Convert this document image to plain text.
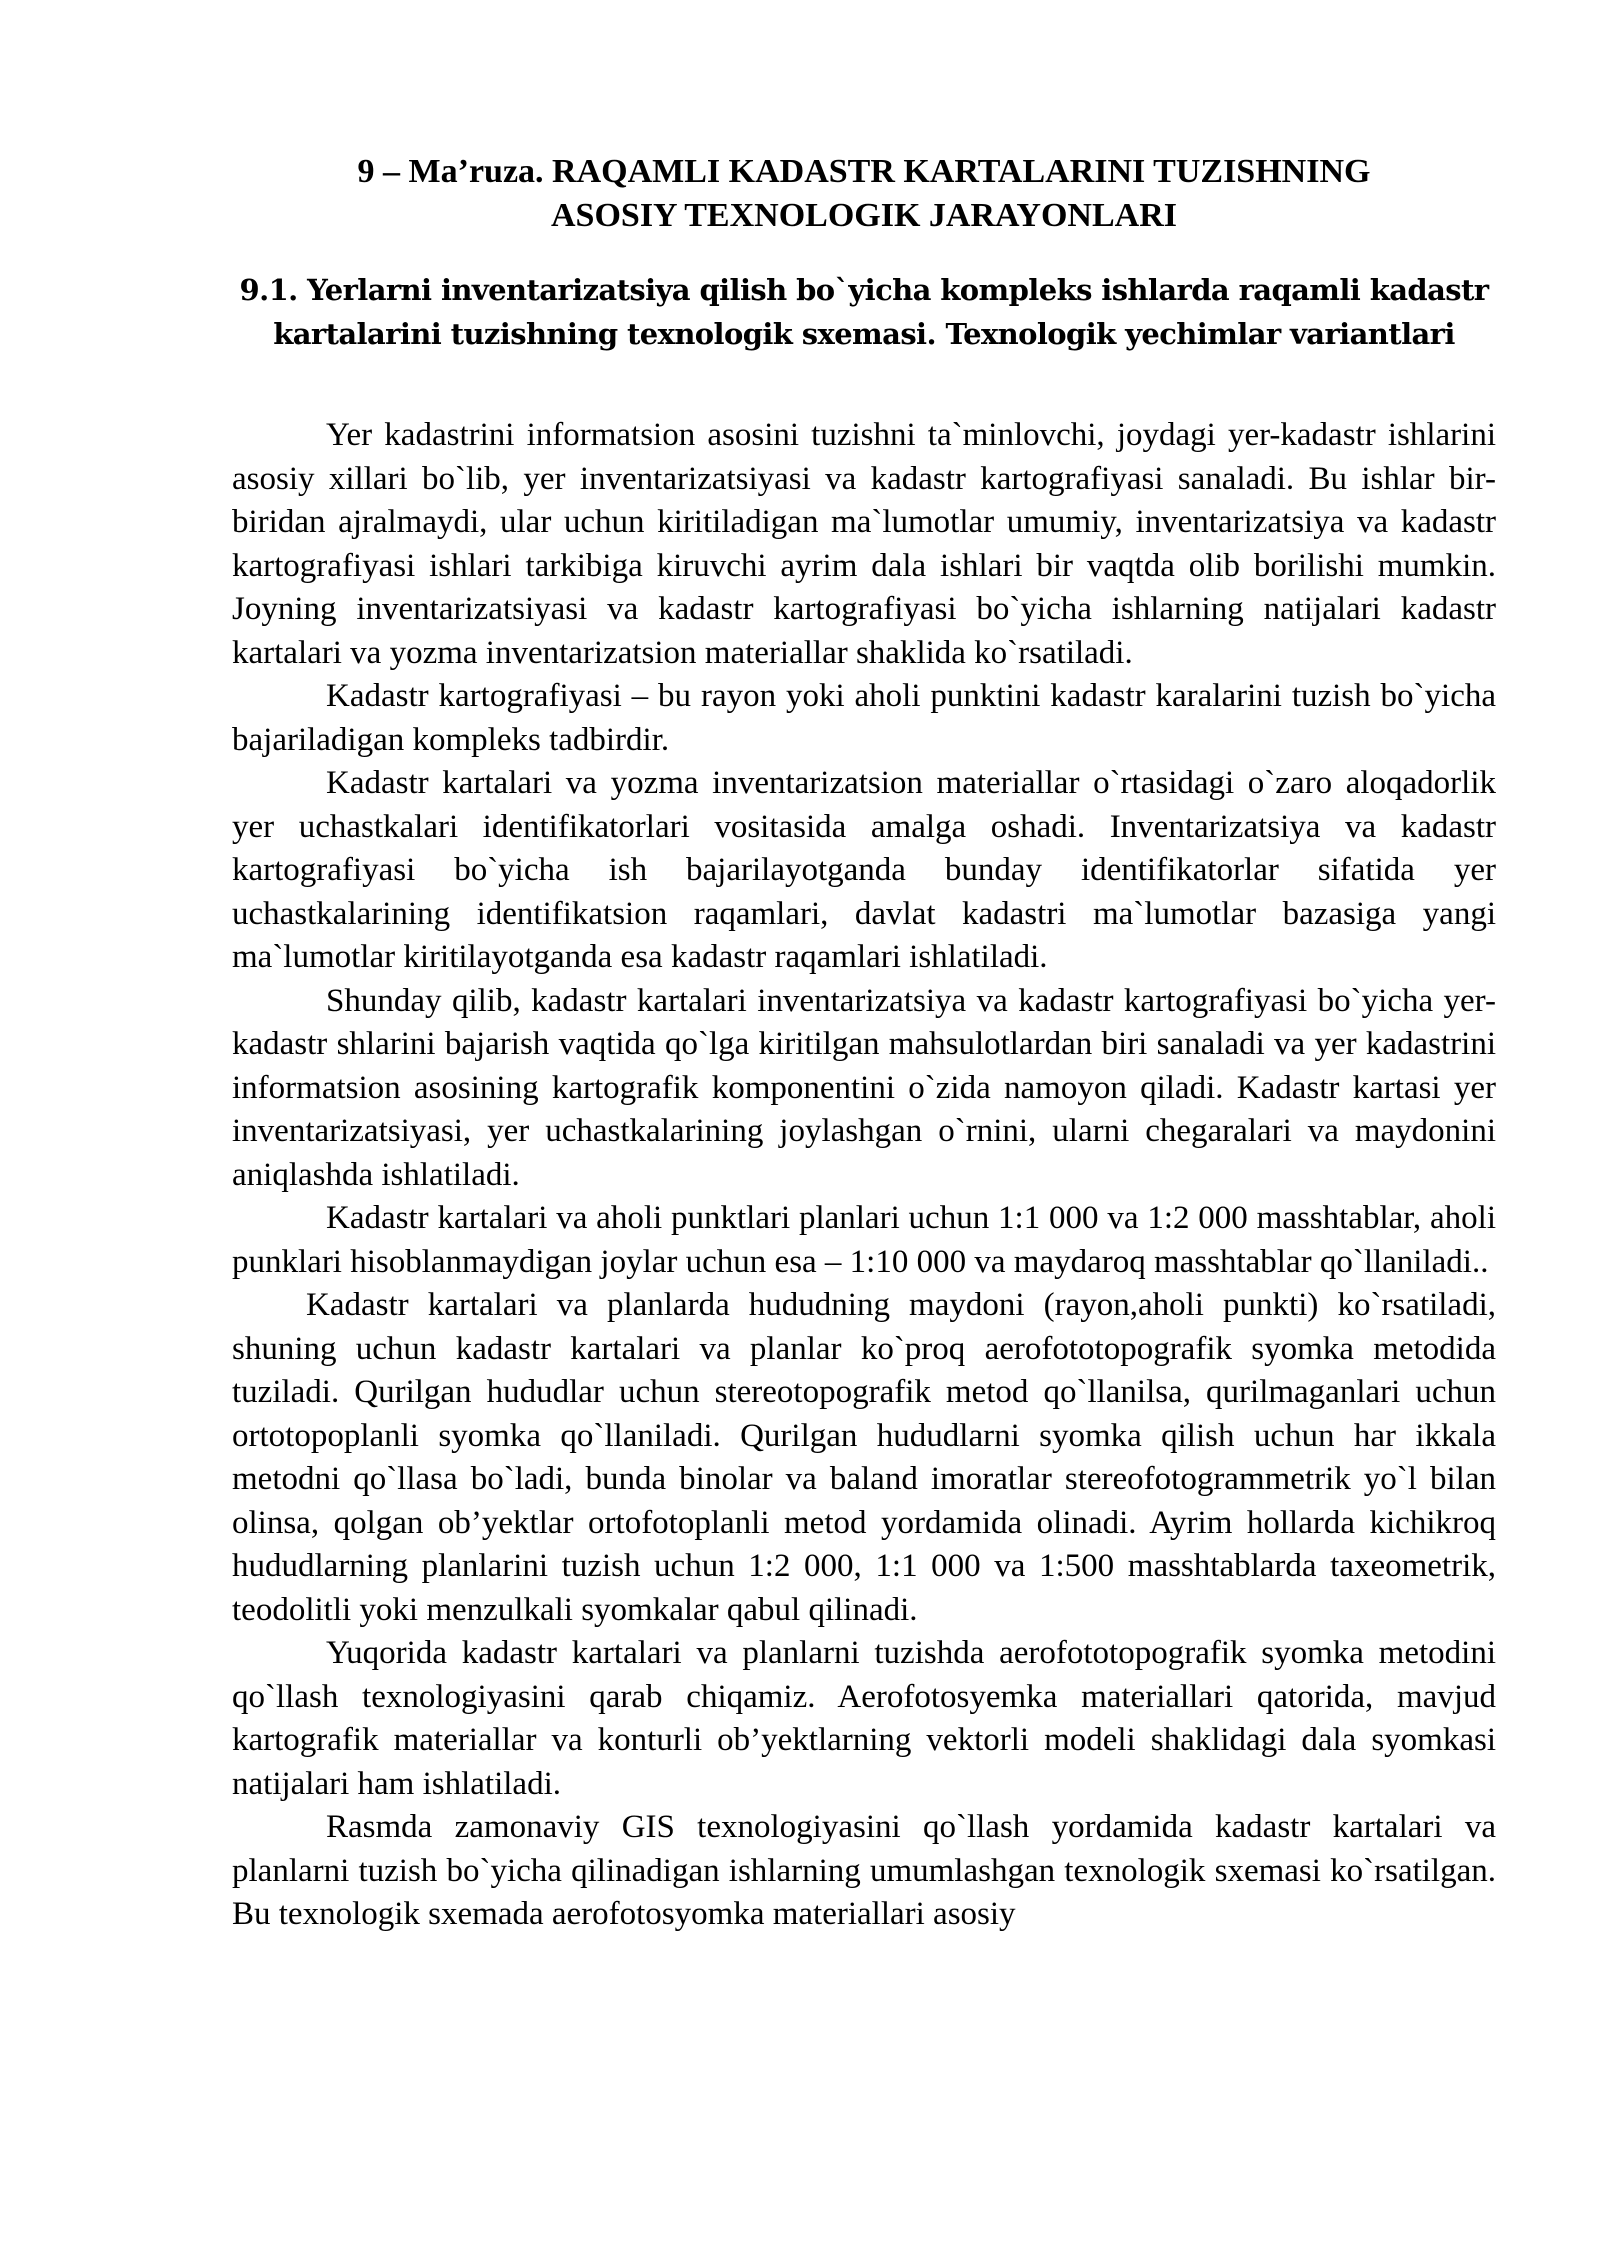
9 – Ma’ruza. RAQAMLI KADASTR KARTALARINI TUZISHNING
ASOSIY TEXNOLOGIK JARAYONLARI
9.1. Yerlarni inventarizatsiya qilish bo`yicha kompleks ishlarda raqamli kadastr
kartalarini tuzishning texnologik sxemasi. Texnologik yechimlar variantlari

Yer kadastrini informatsion asosini tuzishni ta`minlovchi, joydagi yer-kadastr ishlarini asosiy xillari bo`lib, yer inventarizatsiyasi va kadastr kartografiyasi sanaladi. Bu ishlar bir-biridan ajralmaydi, ular uchun kiritiladigan ma`lumotlar umumiy, inventarizatsiya va kadastr kartografiyasi ishlari tarkibiga kiruvchi ayrim dala ishlari bir vaqtda olib borilishi mumkin. Joyning inventarizatsiyasi va kadastr kartografiyasi bo`yicha ishlarning natijalari kadastr kartalari va yozma inventarizatsion materiallar shaklida ko`rsatiladi.

Kadastr kartografiyasi – bu rayon yoki aholi punktini kadastr karalarini tuzish bo`yicha bajariladigan kompleks tadbirdir.

Kadastr kartalari va yozma inventarizatsion materiallar o`rtasidagi o`zaro aloqadorlik yer uchastkalari identifikatorlari vositasida amalga oshadi. Inventarizatsiya va kadastr kartografiyasi bo`yicha ish bajarilayotganda bunday identifikatorlar sifatida yer uchastkalarining identifikatsion raqamlari, davlat kadastri ma`lumotlar bazasiga yangi ma`lumotlar kiritilayotganda esa kadastr raqamlari ishlatiladi.

Shunday qilib, kadastr kartalari inventarizatsiya va kadastr kartografiyasi bo`yicha yer-kadastr shlarini bajarish vaqtida qo`lga kiritilgan mahsulotlardan biri sanaladi va yer kadastrini informatsion asosining kartografik komponentini o`zida namoyon qiladi. Kadastr kartasi yer inventarizatsiyasi, yer uchastkalarining joylashgan o`rnini, ularni chegaralari va maydonini aniqlashda ishlatiladi.

Kadastr kartalari va aholi punktlari planlari uchun 1:1 000 va 1:2 000 masshtablar, aholi punklari hisoblanmaydigan joylar uchun esa – 1:10 000 va maydaroq masshtablar qo`llaniladi..

Kadastr kartalari va planlarda hududning maydoni (rayon,aholi punkti) ko`rsatiladi, shuning uchun kadastr kartalari va planlar ko`proq aerofototopografik syomka metodida tuziladi. Qurilgan hududlar uchun stereotopografik metod qo`llanilsa, qurilmaganlari uchun ortotopoplanli syomka qo`llaniladi. Qurilgan hududlarni syomka qilish uchun har ikkala metodni qo`llasa bo`ladi, bunda binolar va baland imoratlar stereofotogrammetrik yo`l bilan olinsa, qolgan ob’yektlar ortofotoplanli metod yordamida olinadi. Ayrim hollarda kichikroq hududlarning planlarini tuzish uchun 1:2 000, 1:1 000 va 1:500 masshtablarda taxeometrik, teodolitli yoki menzulkali syomkalar qabul qilinadi.

Yuqorida kadastr kartalari va planlarni tuzishda aerofototopografik syomka metodini qo`llash texnologiyasini qarab chiqamiz. Aerofotosyemka materiallari qatorida, mavjud kartografik materiallar va konturli ob’yektlarning vektorli modeli shaklidagi dala syomkasi natijalari ham ishlatiladi.

Rasmda zamonaviy GIS texnologiyasini qo`llash yordamida kadastr kartalari va planlarni tuzish bo`yicha qilinadigan ishlarning umumlashgan texnologik sxemasi ko`rsatilgan. Bu texnologik sxemada aerofotosyomka materiallari asosiy
